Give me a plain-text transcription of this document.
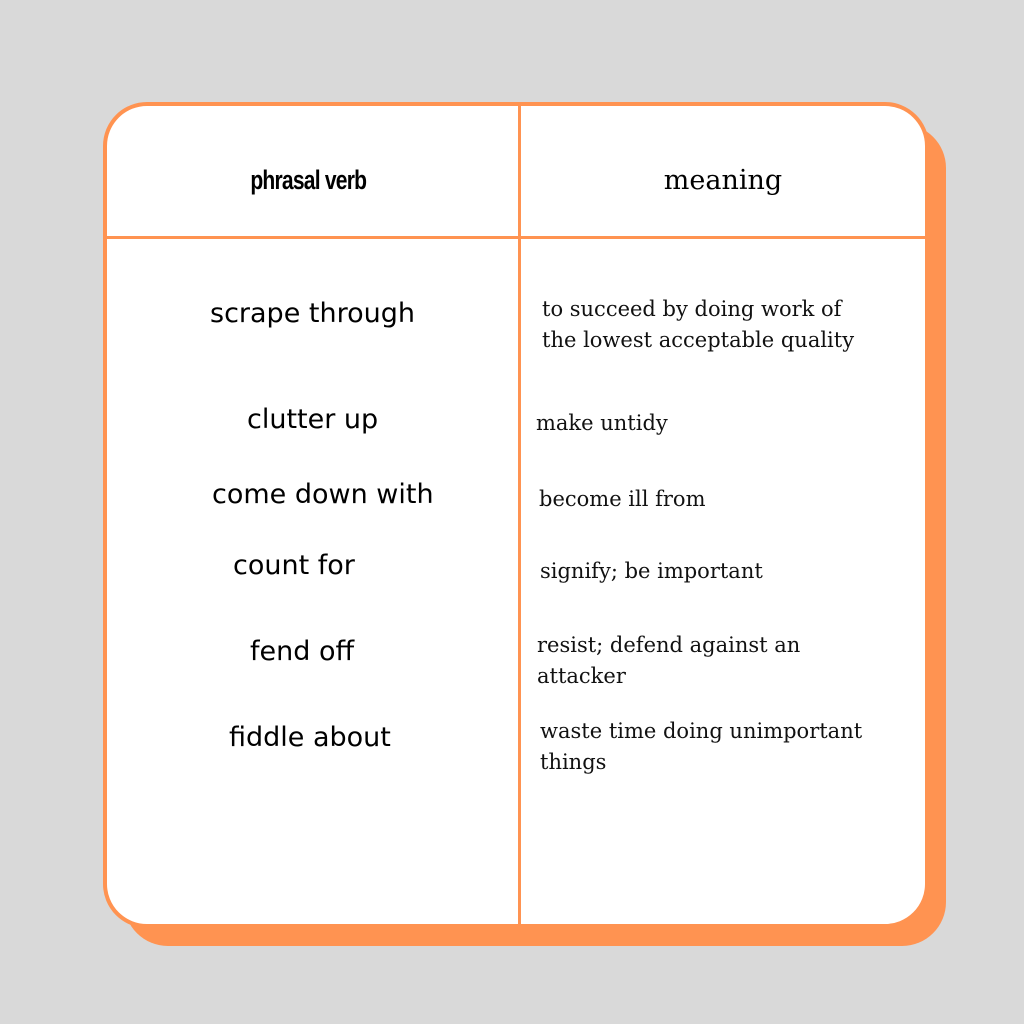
phrasal verb	meaning
scrape through	to succeed by doing work of the lowest acceptable quality
clutter up	make untidy
come down with	become ill from
count for	signify; be important
fend off	resist; defend against an attacker
fiddle about	waste time doing unimportant things
